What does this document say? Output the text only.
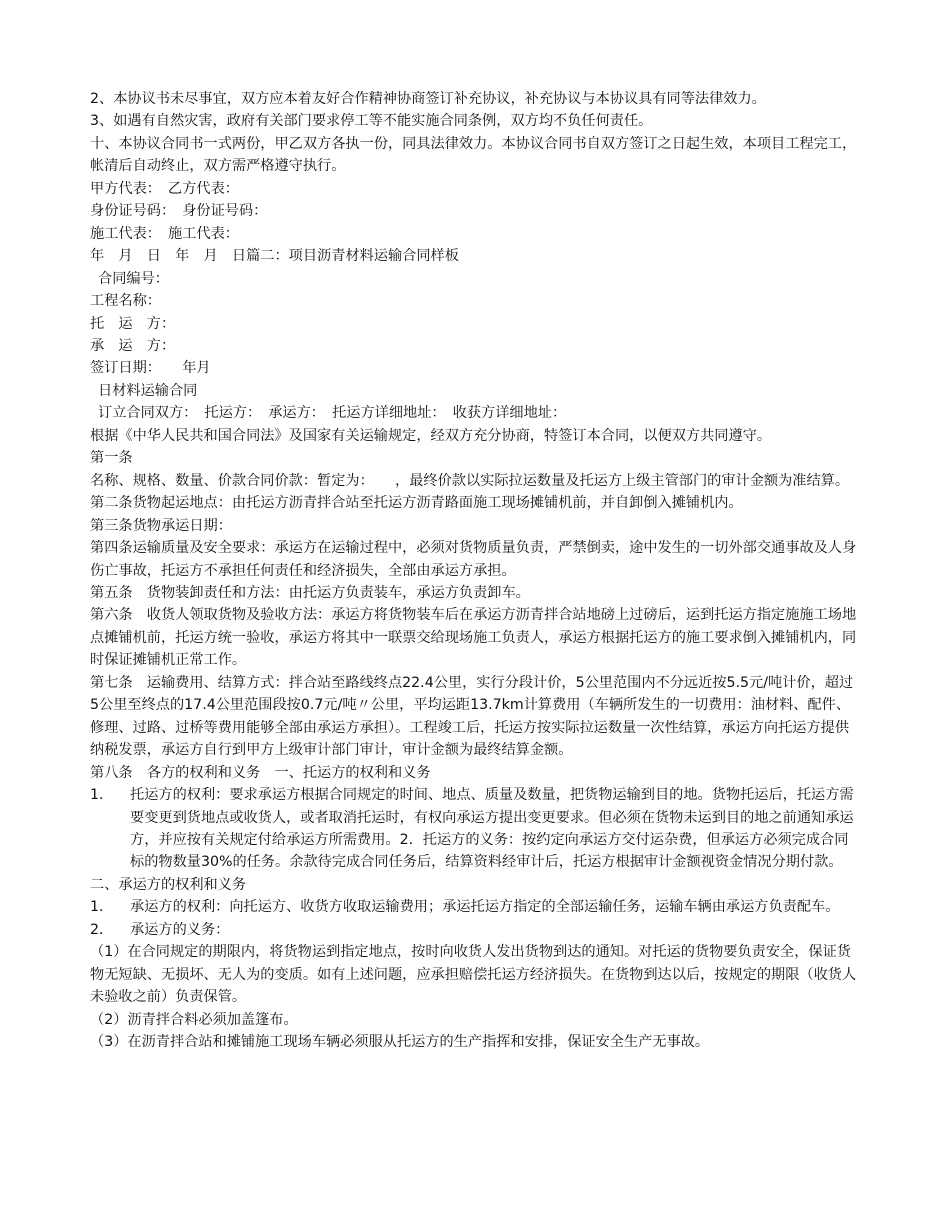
2、本协议书未尽事宜，双方应本着友好合作精神协商签订补充协议，补充协议与本协议具有同等法律效力。

3、如遇有自然灾害，政府有关部门要求停工等不能实施合同条例，双方均不负任何责任。

十、本协议合同书一式两份，甲乙双方各执一份，同具法律效力。本协议合同书自双方签订之日起生效，本项目工程完工，帐清后自动终止，双方需严格遵守执行。

甲方代表：　乙方代表：

身份证号码：　身份证号码：

施工代表：　施工代表：

年　月　日　年　月　日篇二：项目沥青材料运输合同样板

合同编号：

工程名称：

托　运　方：

承　运　方：

签订日期：　　年月

日材料运输合同

订立合同双方：　托运方：　承运方：　托运方详细地址：　收获方详细地址：

根据《中华人民共和国合同法》及国家有关运输规定，经双方充分协商，特签订本合同，以便双方共同遵守。

第一条

名称、规格、数量、价款合同价款：暂定为：　　，最终价款以实际拉运数量及托运方上级主管部门的审计金额为准结算。

第二条货物起运地点：由托运方沥青拌合站至托运方沥青路面施工现场摊铺机前，并自卸倒入摊铺机内。

第三条货物承运日期：

第四条运输质量及安全要求：承运方在运输过程中，必须对货物质量负责，严禁倒卖，途中发生的一切外部交通事故及人身伤亡事故，托运方不承担任何责任和经济损失，全部由承运方承担。

第五条　货物装卸责任和方法：由托运方负责装车，承运方负责卸车。

第六条　收货人领取货物及验收方法：承运方将货物装车后在承运方沥青拌合站地磅上过磅后，运到托运方指定施施工场地点摊铺机前，托运方统一验收，承运方将其中一联票交给现场施工负责人，承运方根据托运方的施工要求倒入摊铺机内，同时保证摊铺机正常工作。

第七条　运输费用、结算方式：拌合站至路线终点22.4公里，实行分段计价，5公里范围内不分远近按5.5元/吨计价，超过5公里至终点的17.4公里范围段按0.7元/吨〃公里，平均运距13.7km计算费用（车辆所发生的一切费用：油材料、配件、修理、过路、过桥等费用能够全部由承运方承担）。工程竣工后，托运方按实际拉运数量一次性结算，承运方向托运方提供纳税发票，承运方自行到甲方上级审计部门审计，审计金额为最终结算金额。

第八条　各方的权利和义务　一、托运方的权利和义务

1．	托运方的权利：要求承运方根据合同规定的时间、地点、质量及数量，把货物运输到目的地。货物托运后，托运方需要变更到货地点或收货人，或者取消托运时，有权向承运方提出变更要求。但必须在货物未运到目的地之前通知承运方，并应按有关规定付给承运方所需费用。2．托运方的义务：按约定向承运方交付运杂费，但承运方必须完成合同标的物数量30%的任务。余款待完成合同任务后，结算资料经审计后，托运方根据审计金额视资金情况分期付款。

二、承运方的权利和义务

1．	承运方的权利：向托运方、收货方收取运输费用；承运托运方指定的全部运输任务，运输车辆由承运方负责配车。
2．	承运方的义务：

（1）在合同规定的期限内，将货物运到指定地点，按时向收货人发出货物到达的通知。对托运的货物要负责安全，保证货物无短缺、无损坏、无人为的变质。如有上述问题，应承担赔偿托运方经济损失。在货物到达以后，按规定的期限（收货人未验收之前）负责保管。

（2）沥青拌合料必须加盖篷布。

（3）在沥青拌合站和摊铺施工现场车辆必须服从托运方的生产指挥和安排，保证安全生产无事故。
